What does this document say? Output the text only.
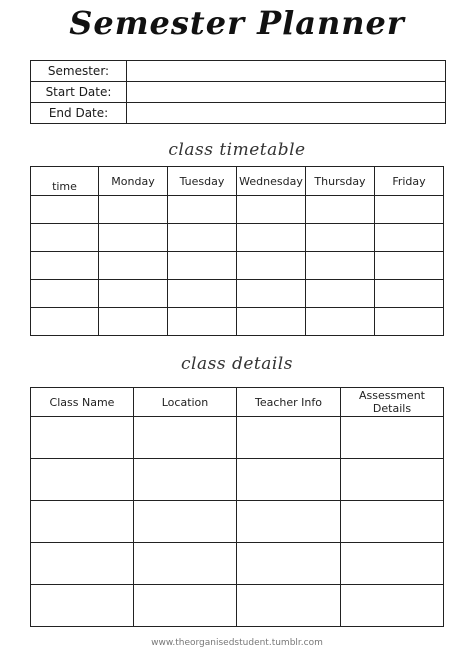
Semester Planner
Semester:	
Start Date:	
End Date:	
class timetable
time	Monday	Tuesday	Wednesday	Thursday	Friday

class details
Class Name	Location	Teacher Info	Assessment Details

www.theorganisedstudent.tumblr.com
